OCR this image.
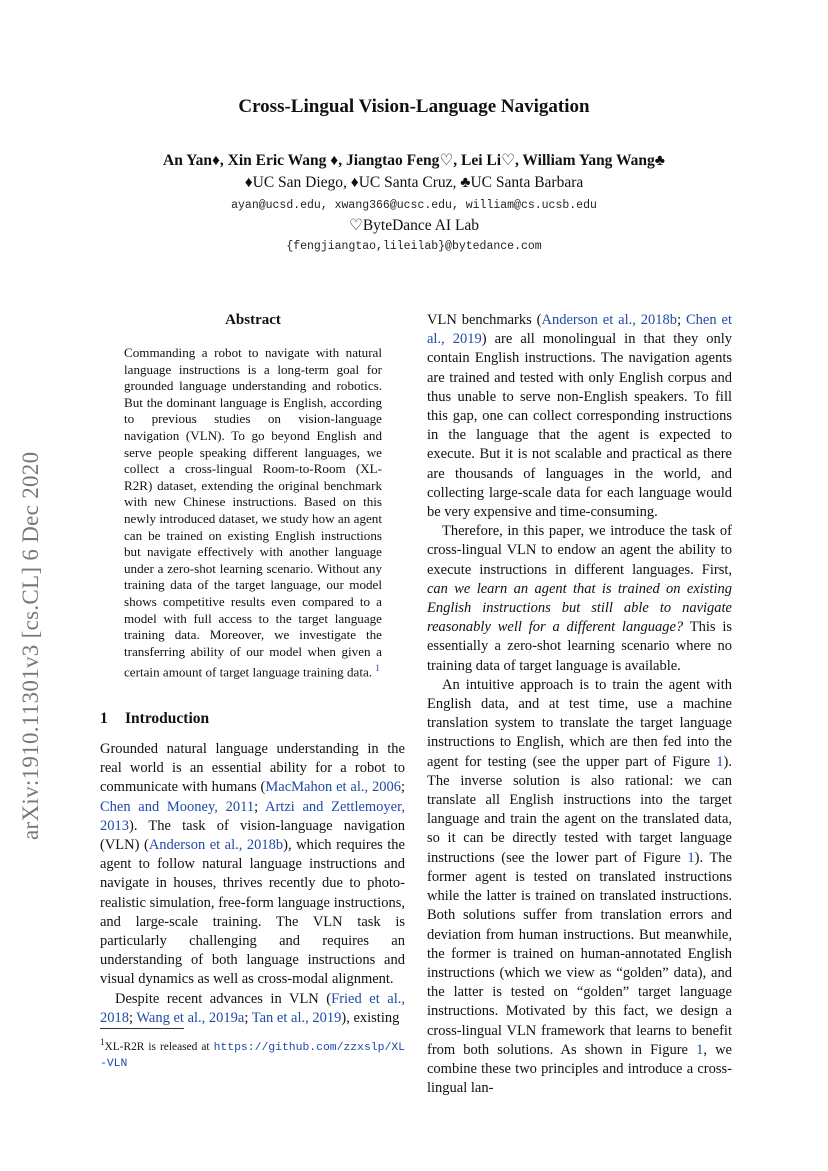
arXiv:1910.11301v3 [cs.CL] 6 Dec 2020
Cross-Lingual Vision-Language Navigation
An Yan♦, Xin Eric Wang ♦, Jiangtao Feng♡, Lei Li♡, William Yang Wang♣
♦UC San Diego, ♦UC Santa Cruz, ♣UC Santa Barbara
ayan@ucsd.edu, xwang366@ucsc.edu, william@cs.ucsb.edu
♡ByteDance AI Lab
{fengjiangtao,lileilab}@bytedance.com
Abstract
Commanding a robot to navigate with natural language instructions is a long-term goal for grounded language understanding and robotics. But the dominant language is English, according to previous studies on vision-language navigation (VLN). To go beyond English and serve people speaking different languages, we collect a cross-lingual Room-to-Room (XL-R2R) dataset, extending the original benchmark with new Chinese instructions. Based on this newly introduced dataset, we study how an agent can be trained on existing English instructions but navigate effectively with another language under a zero-shot learning scenario. Without any training data of the target language, our model shows competitive results even compared to a model with full access to the target language training data. Moreover, we investigate the transferring ability of our model when given a certain amount of target language training data. $^1$
1 Introduction

Grounded natural language understanding in the real world is an essential ability for a robot to communicate with humans (MacMahon et al., 2006; Chen and Mooney, 2011; Artzi and Zettlemoyer, 2013). The task of vision-language navigation (VLN) (Anderson et al., 2018b), which requires the agent to follow natural language instructions and navigate in houses, thrives recently due to photo-realistic simulation, free-form language instructions, and large-scale training. The VLN task is particularly challenging and requires an understanding of both language instructions and visual dynamics as well as cross-modal alignment.

Despite recent advances in VLN (Fried et al., 2018; Wang et al., 2019a; Tan et al., 2019), existing

$^1$XL-R2R is released at https://github.com/zzxslp/XL-VLN

VLN benchmarks (Anderson et al., 2018b; Chen et al., 2019) are all monolingual in that they only contain English instructions. The navigation agents are trained and tested with only English corpus and thus unable to serve non-English speakers. To fill this gap, one can collect corresponding instructions in the language that the agent is expected to execute. But it is not scalable and practical as there are thousands of languages in the world, and collecting large-scale data for each language would be very expensive and time-consuming.

Therefore, in this paper, we introduce the task of cross-lingual VLN to endow an agent the ability to execute instructions in different languages. First, can we learn an agent that is trained on existing English instructions but still able to navigate reasonably well for a different language? This is essentially a zero-shot learning scenario where no training data of target language is available.

An intuitive approach is to train the agent with English data, and at test time, use a machine translation system to translate the target language instructions to English, which are then fed into the agent for testing (see the upper part of Figure 1). The inverse solution is also rational: we can translate all English instructions into the target language and train the agent on the translated data, so it can be directly tested with target language instructions (see the lower part of Figure 1). The former agent is tested on translated instructions while the latter is trained on translated instructions. Both solutions suffer from translation errors and deviation from human instructions. But meanwhile, the former is trained on human-annotated English instructions (which we view as “golden” data), and the latter is tested on “golden” target language instructions. Motivated by this fact, we design a cross-lingual VLN framework that learns to benefit from both solutions. As shown in Figure 1, we combine these two principles and introduce a cross-lingual lan-
